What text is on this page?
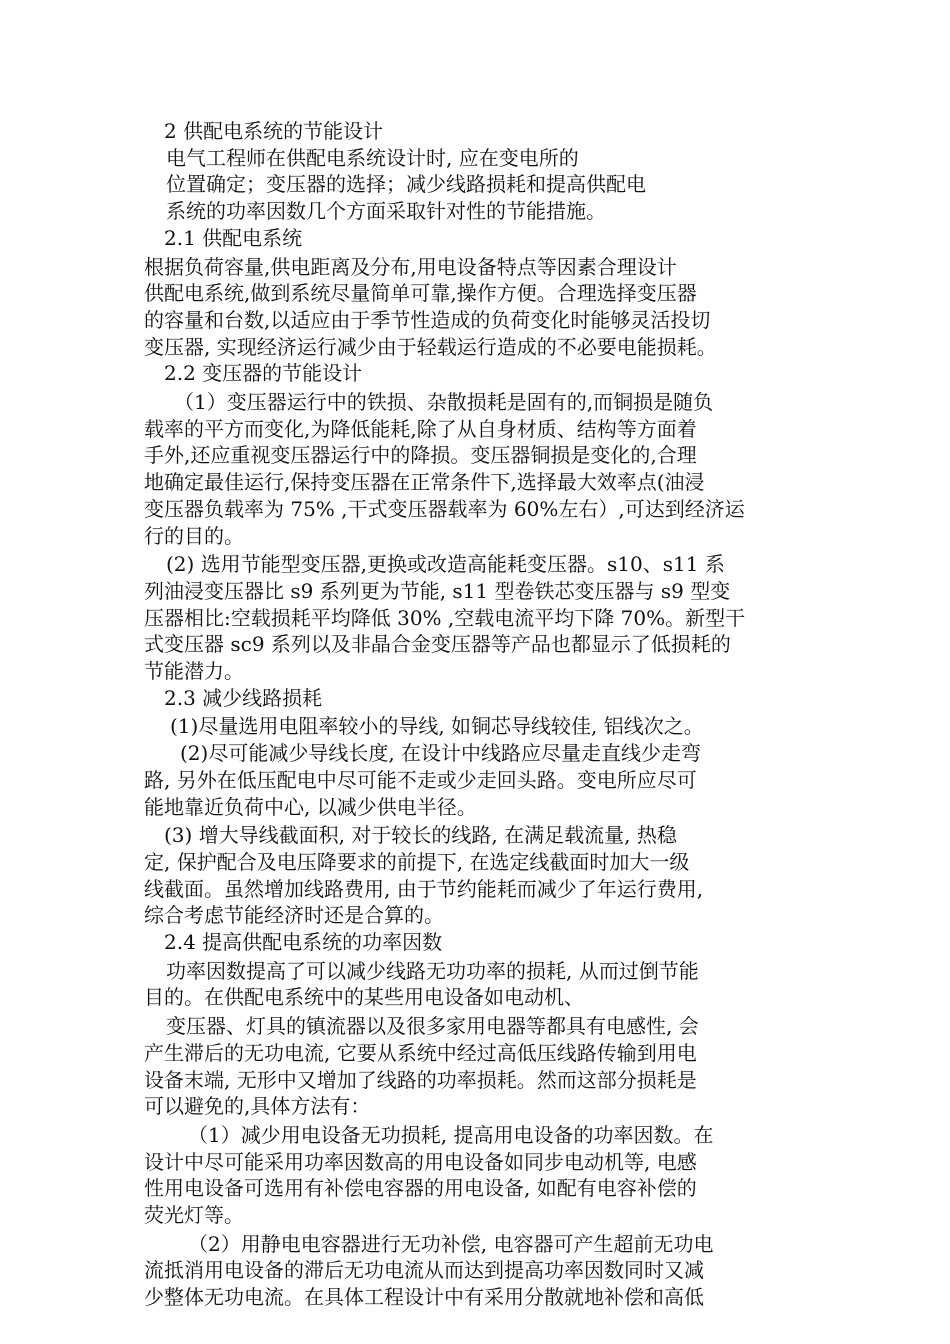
2 供配电系统的节能设计

电气工程师在供配电系统设计时, 应在变电所的

位置确定；变压器的选择；减少线路损耗和提高供配电

系统的功率因数几个方面采取针对性的节能措施。

2.1 供配电系统

根据负荷容量,供电距离及分布,用电设备特点等因素合理设计

供配电系统,做到系统尽量简单可靠,操作方便。合理选择变压器

的容量和台数,以适应由于季节性造成的负荷变化时能够灵活投切

变压器, 实现经济运行减少由于轻载运行造成的不必要电能损耗。

2.2 变压器的节能设计

（1）变压器运行中的铁损、杂散损耗是固有的,而铜损是随负

载率的平方而变化,为降低能耗,除了从自身材质、结构等方面着

手外,还应重视变压器运行中的降损。变压器铜损是变化的,合理

地确定最佳运行,保持变压器在正常条件下,选择最大效率点(油浸

变压器负载率为 75% ,干式变压器载率为 60%左右）,可达到经济运

行的目的。

(2) 选用节能型变压器,更换或改造高能耗变压器。s10、s11 系

列油浸变压器比 s9 系列更为节能, s11 型卷铁芯变压器与 s9 型变

压器相比:空载损耗平均降低 30% ,空载电流平均下降 70%。新型干

式变压器 sc9 系列以及非晶合金变压器等产品也都显示了低损耗的

节能潜力。

2.3 减少线路损耗

(1)尽量选用电阻率较小的导线, 如铜芯导线较佳, 铝线次之。

(2)尽可能减少导线长度, 在设计中线路应尽量走直线少走弯

路, 另外在低压配电中尽可能不走或少走回头路。变电所应尽可

能地靠近负荷中心, 以减少供电半径。

(3) 增大导线截面积, 对于较长的线路, 在满足载流量, 热稳

定, 保护配合及电压降要求的前提下, 在选定线截面时加大一级

线截面。虽然增加线路费用, 由于节约能耗而减少了年运行费用,

综合考虑节能经济时还是合算的。

2.4 提高供配电系统的功率因数

功率因数提高了可以减少线路无功功率的损耗, 从而过倒节能

目的。在供配电系统中的某些用电设备如电动机、

变压器、灯具的镇流器以及很多家用电器等都具有电感性, 会

产生滞后的无功电流, 它要从系统中经过高低压线路传输到用电

设备末端, 无形中又增加了线路的功率损耗。然而这部分损耗是

可以避免的,具体方法有：

（1）减少用电设备无功损耗, 提高用电设备的功率因数。在

设计中尽可能采用功率因数高的用电设备如同步电动机等, 电感

性用电设备可选用有补偿电容器的用电设备, 如配有电容补偿的

荧光灯等。

（2）用静电电容器进行无功补偿, 电容器可产生超前无功电

流抵消用电设备的滞后无功电流从而达到提高功率因数同时又减

少整体无功电流。在具体工程设计中有采用分散就地补偿和高低
